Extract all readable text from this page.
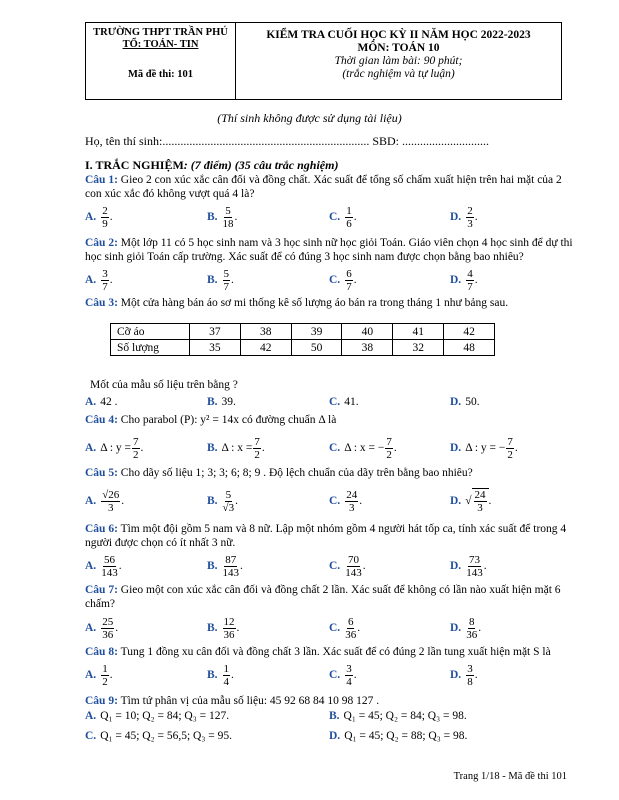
TRƯỜNG THPT TRẦN PHÚ
TỔ: TOÁN- TIN
Mã đề thi: 101
KIỂM TRA CUỐI HỌC KỲ II NĂM HỌC 2022-2023
MÔN: TOÁN 10
Thời gian làm bài: 90 phút;
(trắc nghiệm và tự luận)
(Thí sinh không được sử dụng tài liệu)
Họ, tên thí sinh:..................................................................... SBD: .............................
I. TRẮC NGHIỆM: (7 điểm) (35 câu trắc nghiệm)
Câu 1: Gieo 2 con xúc xắc cân đối và đồng chất. Xác suất để tổng số chấm xuất hiện trên hai mặt của 2 con xúc xắc đó không vượt quá 4 là?
A. $\frac{2}{9}$ .	B. $\frac{5}{18}$ .	C. $\frac{1}{6}$ .	D. $\frac{2}{3}$ .
Câu 2: Một lớp 11 có 5 học sinh nam và 3 học sinh nữ học giỏi Toán. Giáo viên chọn 4 học sinh để dự thi học sinh giỏi Toán cấp trường. Xác suất để có đúng 3 học sinh nam được chọn bằng bao nhiêu?
A. $\frac{3}{7}$ .	B. $\frac{5}{7}$ .	C. $\frac{6}{7}$ .	D. $\frac{4}{7}$ .
Câu 3: Một cửa hàng bán áo sơ mi thống kê số lượng áo bán ra trong tháng 1 như bảng sau.
Cỡ áo	37	38	39	40	41	42
Số lượng	35	42	50	38	32	48
Mốt của mẫu số liệu trên bằng ?
A. 42 .	B. 39.	C. 41.	D. 50.
Câu 4: Cho parabol (P): y² = 14x có đường chuẩn Δ là
A. Δ : $y = \frac{7}{2}$ .	B. Δ : $x = \frac{7}{2}$ .	C. Δ : x = − $\frac{7}{2}$ .	D. Δ : y = − $\frac{7}{2}$ .
Câu 5: Cho dãy số liệu 1; 3; 3; 6; 8; 9 . Độ lệch chuẩn của dãy trên bằng bao nhiêu?
A. $\frac{√26}{3}$ .	B. $\frac{5}{√3}$ .	C. $\frac{24}{3}$ .	D. √ $\frac{24}{3}$ .
Câu 6: Tìm một đội gồm 5 nam và 8 nữ. Lập một nhóm gồm 4 người hát tốp ca, tính xác suất để trong 4 người được chọn có ít nhất 3 nữ.
A. $\frac{56}{143}$ .	B. $\frac{87}{143}$ .	C. $\frac{70}{143}$ .	D. $\frac{73}{143}$ .
Câu 7: Gieo một con xúc xắc cân đối và đồng chất 2 lần. Xác suất để không có lần nào xuất hiện mặt 6 chấm?
A. $\frac{25}{36}$ .	B. $\frac{12}{36}$ .	C. $\frac{6}{36}$ .	D. $\frac{8}{36}$ .
Câu 8: Tung 1 đồng xu cân đối và đồng chất 3 lần. Xác suất để có đúng 2 lần tung xuất hiện mặt S là
A. $\frac{1}{2}$ .	B. $\frac{1}{4}$ .	C. $\frac{3}{4}$ .	D. $\frac{3}{8}$ .
Câu 9: Tìm tứ phân vị của mẫu số liệu: 45 92 68 84 10 98 127 .
A. Q₁ = 10; Q₂ = 84; Q₃ = 127.	B. Q₁ = 45; Q₂ = 84; Q₃ = 98.
C. Q₁ = 45; Q₂ = 56,5; Q₃ = 95.	D. Q₁ = 45; Q₂ = 88; Q₃ = 98.
Trang 1/18 - Mã đề thi 101
